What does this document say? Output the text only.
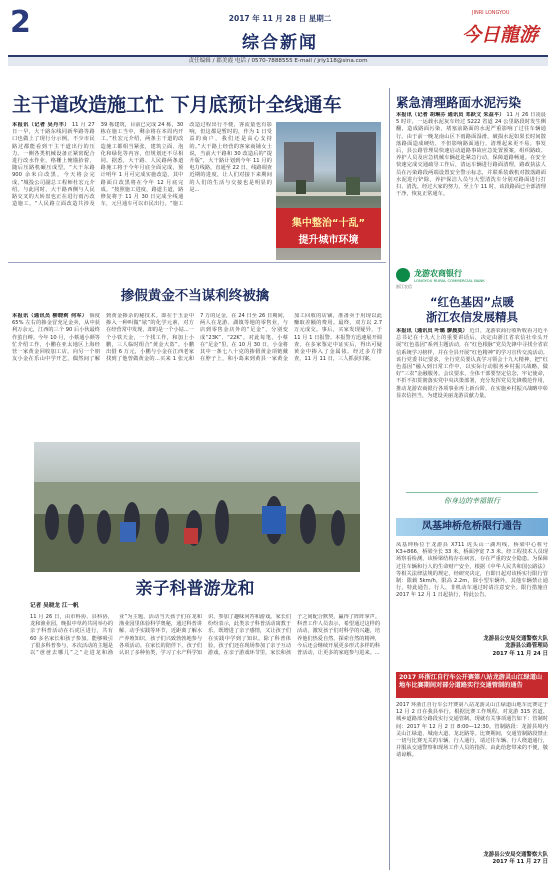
2	2017 年 11 月 28 日 星期二
综合新闻
JINRI LONGYOU
今日龍游
责任编辑 / 郡美霞 电话 / 0570-7888555 E-mail / jrly118@sina.com
主干道改造施工忙 下月底预计全线通车
本报讯（记者 吴丹丰） 11 月 27 日一早，大干路东线同新华路等路口也做上了现行分示例。不少市民路过都能看到干主干道出行的压力。一侧各类机械设备正紧密配合进行改水作业，格栅上俺锚抬着，随后压路机碾压成型。“大干东路 900 余米白改黑，今天将会完成，”城投公司副总工程师杜宏元介绍。与此同时，大干路西侧与人民路交叉的大转盘也正在进行雨污改造施工。“人民路立面改造共涉及 39 栋建筑，目前已完成 24 栋，30 栋在施工当中，剩余将在本周内开工。”杜宏元介绍，两条主干道的改造施工都相当紧张，建筑立面、泡化和绿化等内容，但规划还不尽相同。据悉，大干路、人民路两条道路施工将于今年月底全面完成，预计明年 1 月可完成实施改造，其中路面白改黑将在今年 12 月底完成。“按照施工进度，路道主道，路修复将于 11 月 30 日完成全线通车，元旦通车可以市民出行。“施工改造过程出行不便，客流量也有影响，但这都是暂时的，作为 1 日受益的商户，我们还是高心支持的。”大干路上经营的客家商铺女士说，当前大干路和 30 改造后的“提升版”，大干路计划到今年 11 月的电力线路，直通至 22 日，线路调查近期的进度，让人们对接下来期间的人们的生活与交接也是明显的是...
集中整治“十乱”
提升城市环境
紧急清理路面水泥污染
本报讯（记者 胡琳芬 通讯员 邓跃文 朱益平） 11 月 26 日凌晨 5 时许，一运载水泥灰车经过 S222 省道 24 公里路段时发生侧翻，造成路面污染，堵塞前路面的水泥严重影响了过往车辆通行。由于前一晚龙南山区下雨路面湿滑，破损水泥如果长时间散落路面造成硬结，不但影响路面通行，清理起来更不易。事发后，县公路管理局快速启动道路事故应急处置预案，组织路政、养护人员及应急机械车辆赶赴紧急行动，保障道路畅通。在安全快速完成交通疏导工作后，清运车辆进行路面清理，路政执法人员在污染路段两端设置安全警示标志，并联系装载机对散落路面水泥进行铲除，养护保洁人员与大型清洗车分别对路面进行打扫、清洗。经过大家的努力，至上午 11 时，该段路面已全部清理干净，恢复正常通车。
掺假黄金不当谋利终被擒
本报讯（通讯员 柳晓莉 何军） 倘度 65% 左右的掺金冒充足金卖，从中获利万余元，江西的三个 90 后小伙最终作茧自缚。今年 10 月，小蔡通小颜等忙介绍工作，小鹏在亚太地区上海经营一家黄金回收加工店。向另一个朋友小金在乐山中学开艺，偶然间了解到黄金掺杂的秘技术。即在于玉金中掺入一种叫做“铱”的化学元素，对方在经营常中发现，却的是一个小姑...一个小铁天金，一个找工作，和加上小鹏，三人临时组合“黄金大盗”。小鹏出借 6 万元，小鹏与小金在江西老家找到了他曾做黄金的...买来 1 张元和 7 万的足金，在 24 日至 26 日期间，两人在龙游、湖镇等地的零售业，与店到零售金店外的“足金”，分别变成“23K”、“22K”。对此每笔，小蔡在“足金”里。在 10 月 30 日，小金将其中一条七八十克的掺假黄金项链戴在脖子上，和小葛来到黄县一家黄金加工回收的店铺，准备卖于用现以此赚取差额的费用。最终，双方以 2.7 万元成交。事后，买家发现疑异，于 11 月 1 日报警。本报警方迅速展开调查，在多家鉴定中证实后，得出可疑黄金中掺入了金属铱。经过多方排查，11 月 11 日，三人抓获归案。
亲子科普游龙和
记者 吴晓龙 江一帆
11 月 26 日，由市科协、县科协，龙和渔业园，晚报中草药共同举办的亲子科普活动在石虎区进行，共有 60 多名家长和孩子参加。能够吸引了很多科普参与，本次活动的主题是以“爸爸去哪儿”之“走进龙和渔业”为主题，活动当天孩子们在龙和渔业园里体验科学奥秘，通过科普讲解、动手实践等环节，近距离了解水产养殖知识，孩子们兴致勃勃地参与各项活动。在家长的陪伴下，孩子们认识了多种鱼类，学习了水产科学知识，参加了趣味问答和游戏。家长们纷纷表示，此类亲子科普活动寓教于乐，既增进了亲子感情，又让孩子们在实践中学到了知识。除了科普体验，孩子们还在现场参加了亲子互动游戏，在亲子游戏环节里，家长和孩子之间配合默契，赢得了阵阵掌声。科普工作人员表示，希望通过这样的活动，激发孩子们对科学的兴趣，培养他们热爱自然、探索自然的精神，今后还会继续开展更多形式多样的科普活动，让更多的家庭参与进来。...
龙游农商银行
LONGYOU RURAL COMMERCIAL BANK
浙江农信
“红色基因”点暖
浙江农信发展精具
本报讯（通讯员 叶璐 廖晨莫） 近日，龙游农商行收听收看习近平总书记在十九大上的重要讲话后，决定由浙江省农信社牵头开展“红色基因”系列主题活动，在“红色根脉”党员先锋中寻找全省农信系统学习榜样，并在全县开展“红色精神”的学习宣传交流活动。该行党委书记要求，全行党员要认真学习领会十九大精神，把“红色基因”融入到日常工作中，以实际行动服务乡村振兴战略，做好“三农”金融服务。会议要求，全体干部要坚定信念，牢记使命，不折不扣贯彻落实党中央决策部署，充分发挥党员先锋模范作用，推动龙游农商银行各项事业再上新台阶，在实施乡村振兴战略中彰显农信担当，为建设美丽龙游贡献力量。
你身边的幸福银行
凤基坤桥危桥限行通告
凤基坤桥位于龙游县 X711 虎头山一湖坞线，桥梁中心桩号 K3+866，桥梁全长 33 米，桥面净宽 7.3 米。经工程技术人员现场察看检测，该桥梁结构存在病害，存在严重的安全隐患。为保障过往车辆和行人的生命财产安全，根据《中华人民共和国公路法》等相关法律法规的规定，经研究决定，自即日起对该桥实行限行管制：限载 5km/h，限高 2.2m，除小型车辆外，其他车辆禁止通行，特此通告。行人、非机动车通过时请注意安全。限行措施自 2017 年 12 月 1 日起执行，特此公告。
龙游县公安局交通警察大队
龙游县公路管理局
2017 年 11 月 24 日
2017 环浙江自行车公开赛第八站龙游灵山江绿道山地车比赛期间对部分道路实行交通管制的通告
2017 环浙江自行车公开赛第八站龙游灵山江绿道山地车比赛定于 12 月 2 日在我县举行。根据比赛工作规程，对龙游 315 省道、城乡道路部分路段实行交通管制。现就有关事项通告如下：管制时间：2017 年 12 月 2 日 8:00—12:30。管制路段：龙游县境内灵山江绿道、城南大道、龙北路等。比赛期间，交通管制路段禁止一切与比赛无关的车辆、行人通行，请过往车辆、行人绕道通行，并服从交通警察和现场工作人员的指挥。由此给您带来的不便，敬请谅解。
龙游县公安局交通警察大队
2017 年 11 月 27 日
